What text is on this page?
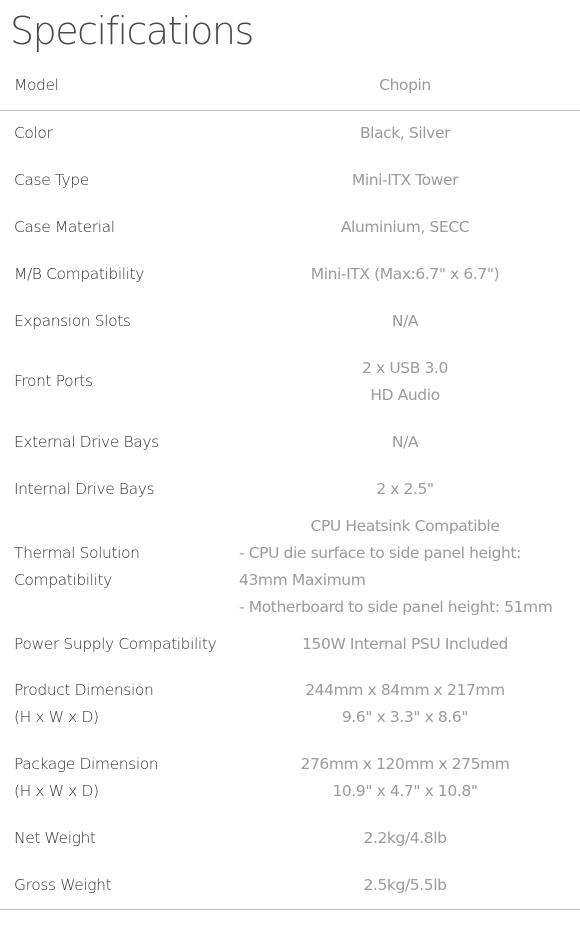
Specifications
Model	Chopin

Color	Black, Silver

Case Type	Mini-ITX Tower

Case Material	Aluminium, SECC

M/B Compatibility	Mini-ITX (Max:6.7" x 6.7")

Expansion Slots	N/A

Front Ports	2 x USB 3.0
HD Audio

External Drive Bays	N/A

Internal Drive Bays	2 x 2.5"

Thermal Solution
Compatibility	CPU Heatsink Compatible
- CPU die surface to side panel height: 43mm Maximum
- Motherboard to side panel height: 51mm

Power Supply Compatibility	150W Internal PSU Included

Product Dimension
(H x W x D)	244mm x 84mm x 217mm
9.6" x 3.3" x 8.6"

Package Dimension
(H x W x D)	276mm x 120mm x 275mm
10.9" x 4.7" x 10.8"

Net Weight	2.2kg/4.8lb

Gross Weight	2.5kg/5.5lb
